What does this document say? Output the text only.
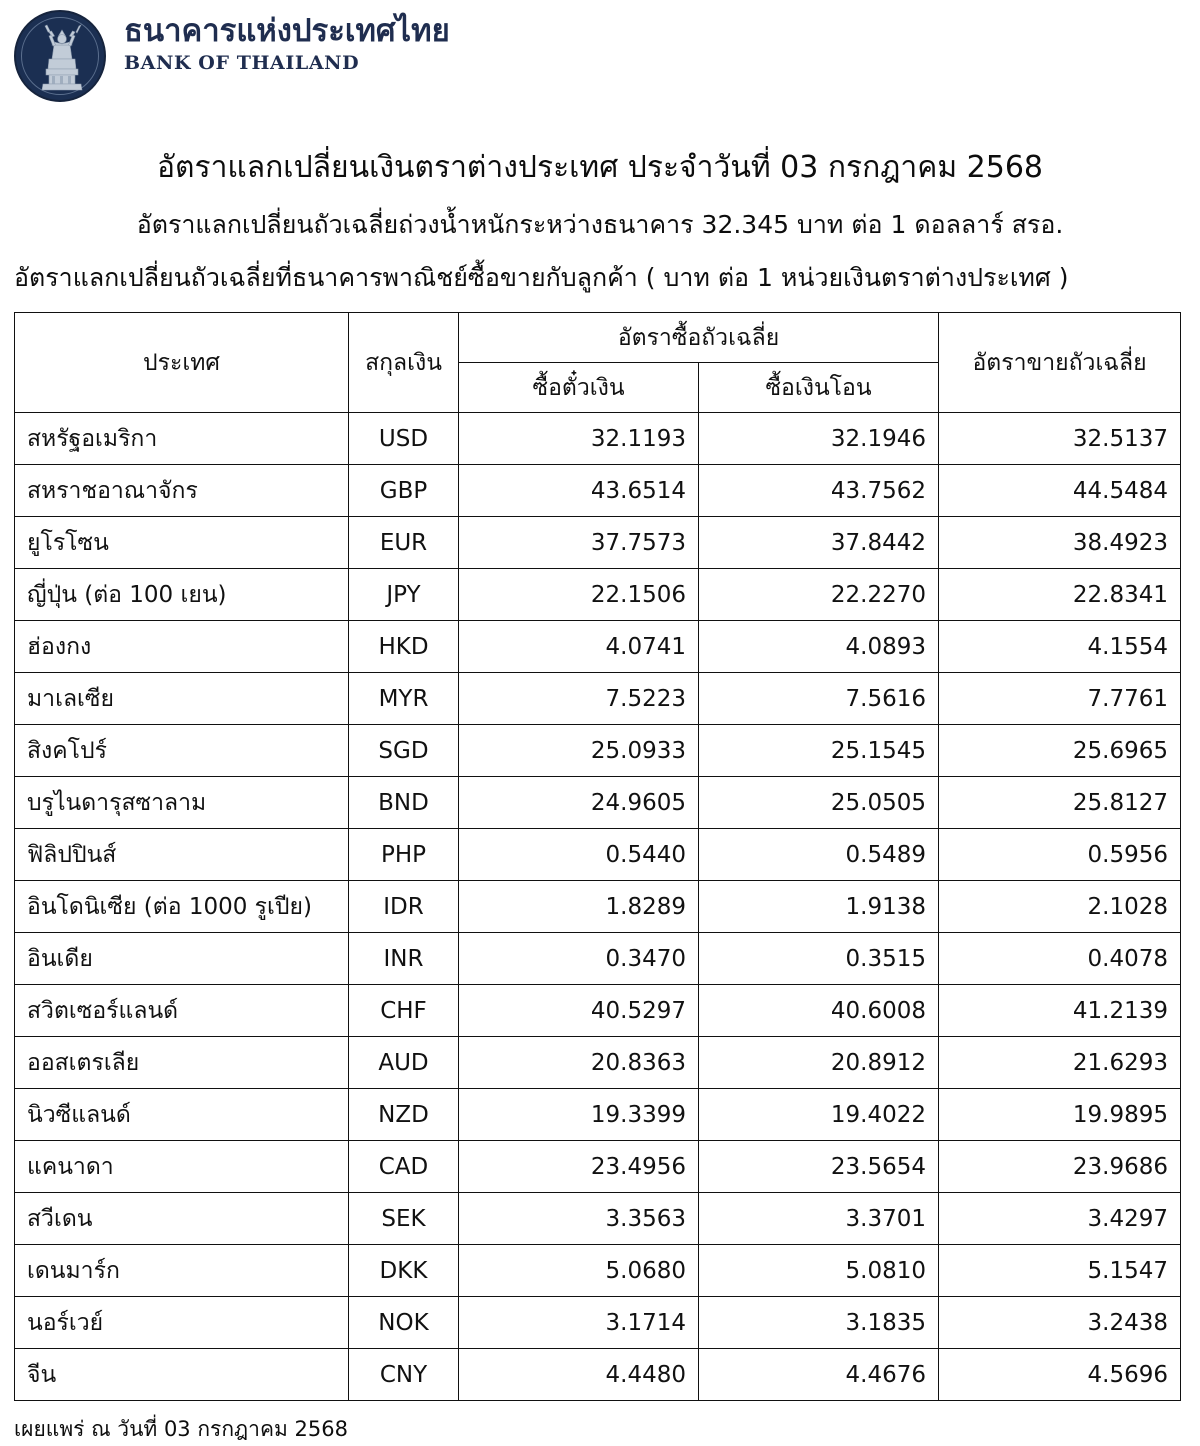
ธนาคารแห่งประเทศไทย
BANK OF THAILAND
อัตราแลกเปลี่ยนเงินตราต่างประเทศ ประจำวันที่ 03 กรกฎาคม 2568
อัตราแลกเปลี่ยนถัวเฉลี่ยถ่วงน้ำหนักระหว่างธนาคาร 32.345 บาท ต่อ 1 ดอลลาร์ สรอ.
อัตราแลกเปลี่ยนถัวเฉลี่ยที่ธนาคารพาณิชย์ซื้อขายกับลูกค้า ( บาท ต่อ 1 หน่วยเงินตราต่างประเทศ )
ประเทศ	สกุลเงิน	อัตราซื้อถัวเฉลี่ย		อัตราขายถัวเฉลี่ย
		ซื้อตั๋วเงิน	ซื้อเงินโอน	
สหรัฐอเมริกา	USD	32.1193	32.1946	32.5137
สหราชอาณาจักร	GBP	43.6514	43.7562	44.5484
ยูโรโซน	EUR	37.7573	37.8442	38.4923
ญี่ปุ่น (ต่อ 100 เยน)	JPY	22.1506	22.2270	22.8341
ฮ่องกง	HKD	4.0741	4.0893	4.1554
มาเลเซีย	MYR	7.5223	7.5616	7.7761
สิงคโปร์	SGD	25.0933	25.1545	25.6965
บรูไนดารุสซาลาม	BND	24.9605	25.0505	25.8127
ฟิลิปปินส์	PHP	0.5440	0.5489	0.5956
อินโดนิเซีย (ต่อ 1000 รูเปีย)	IDR	1.8289	1.9138	2.1028
อินเดีย	INR	0.3470	0.3515	0.4078
สวิตเซอร์แลนด์	CHF	40.5297	40.6008	41.2139
ออสเตรเลีย	AUD	20.8363	20.8912	21.6293
นิวซีแลนด์	NZD	19.3399	19.4022	19.9895
แคนาดา	CAD	23.4956	23.5654	23.9686
สวีเดน	SEK	3.3563	3.3701	3.4297
เดนมาร์ก	DKK	5.0680	5.0810	5.1547
นอร์เวย์	NOK	3.1714	3.1835	3.2438
จีน	CNY	4.4480	4.4676	4.5696
เผยแพร่ ณ วันที่ 03 กรกฎาคม 2568
